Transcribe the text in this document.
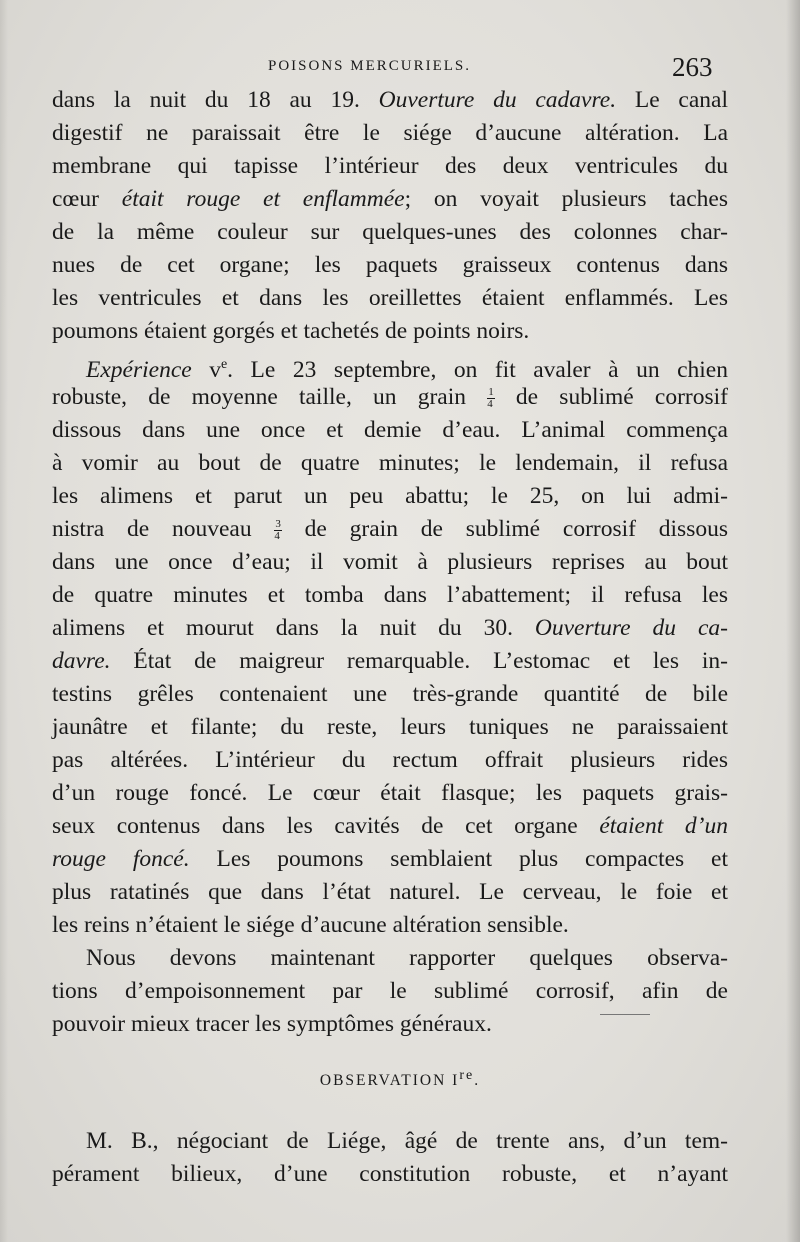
POISONS MERCURIELS.	263
dans la nuit du 18 au 19. Ouverture du cadavre. Le canal
digestif ne paraissait être le siége d’aucune altération. La
membrane qui tapisse l’intérieur des deux ventricules du
cœur était rouge et enflammée; on voyait plusieurs taches
de la même couleur sur quelques-unes des colonnes char-
nues de cet organe; les paquets graisseux contenus dans
les ventricules et dans les oreillettes étaient enflammés. Les
poumons étaient gorgés et tachetés de points noirs.
Expérience $v^e$. Le 23 septembre, on fit avaler à un chien
robuste, de moyenne taille, un grain $\frac{1}{4}$ de sublimé corrosif
dissous dans une once et demie d’eau. L’animal commença
à vomir au bout de quatre minutes; le lendemain, il refusa
les alimens et parut un peu abattu; le 25, on lui admi-
nistra de nouveau $\frac{3}{4}$ de grain de sublimé corrosif dissous
dans une once d’eau; il vomit à plusieurs reprises au bout
de quatre minutes et tomba dans l’abattement; il refusa les
alimens et mourut dans la nuit du 30. Ouverture du ca-
davre. État de maigreur remarquable. L’estomac et les in-
testins grêles contenaient une très-grande quantité de bile
jaunâtre et filante; du reste, leurs tuniques ne paraissaient
pas altérées. L’intérieur du rectum offrait plusieurs rides
d’un rouge foncé. Le cœur était flasque; les paquets grais-
seux contenus dans les cavités de cet organe étaient d’un
rouge foncé. Les poumons semblaient plus compactes et
plus ratatinés que dans l’état naturel. Le cerveau, le foie et
les reins n’étaient le siége d’aucune altération sensible.
Nous devons maintenant rapporter quelques observa-
tions d’empoisonnement par le sublimé corrosif, afin de
pouvoir mieux tracer les symptômes généraux.
OBSERVATION Ire.
M. B., négociant de Liége, âgé de trente ans, d’un tem-
pérament bilieux, d’une constitution robuste, et n’ayant
